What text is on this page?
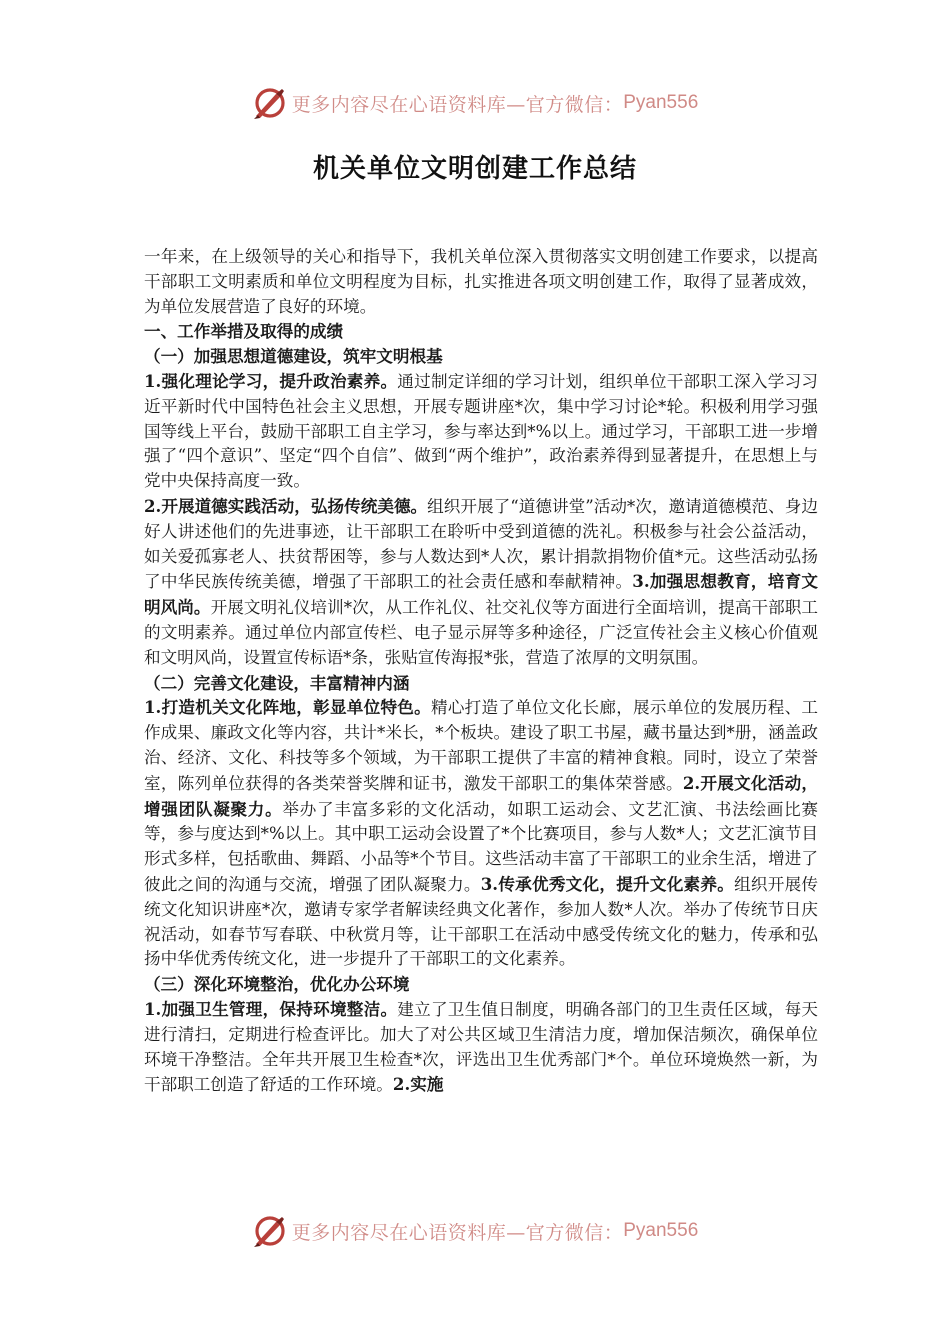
更多内容尽在心语资料库—官方微信： Pyan556
机关单位文明创建工作总结

一年来，在上级领导的关心和指导下，我机关单位深入贯彻落实文明创建工作要求，以提高干部职工文明素质和单位文明程度为目标，扎实推进各项文明创建工作，取得了显著成效，为单位发展营造了良好的环境。

一、工作举措及取得的成绩

（一）加强思想道德建设，筑牢文明根基

1.强化理论学习，提升政治素养。通过制定详细的学习计划，组织单位干部职工深入学习习近平新时代中国特色社会主义思想，开展专题讲座*次，集中学习讨论*轮。积极利用学习强国等线上平台，鼓励干部职工自主学习，参与率达到*%以上。通过学习，干部职工进一步增强了“四个意识”、坚定“四个自信”、做到“两个维护”，政治素养得到显著提升，在思想上与党中央保持高度一致。

2.开展道德实践活动，弘扬传统美德。组织开展了“道德讲堂”活动*次，邀请道德模范、身边好人讲述他们的先进事迹，让干部职工在聆听中受到道德的洗礼。积极参与社会公益活动，如关爱孤寡老人、扶贫帮困等，参与人数达到*人次，累计捐款捐物价值*元。这些活动弘扬了中华民族传统美德，增强了干部职工的社会责任感和奉献精神。3.加强思想教育，培育文明风尚。开展文明礼仪培训*次，从工作礼仪、社交礼仪等方面进行全面培训，提高干部职工的文明素养。通过单位内部宣传栏、电子显示屏等多种途径，广泛宣传社会主义核心价值观和文明风尚，设置宣传标语*条，张贴宣传海报*张，营造了浓厚的文明氛围。

（二）完善文化建设，丰富精神内涵

1.打造机关文化阵地，彰显单位特色。精心打造了单位文化长廊，展示单位的发展历程、工作成果、廉政文化等内容，共计*米长，*个板块。建设了职工书屋，藏书量达到*册，涵盖政治、经济、文化、科技等多个领域，为干部职工提供了丰富的精神食粮。同时，设立了荣誉室，陈列单位获得的各类荣誉奖牌和证书，激发干部职工的集体荣誉感。2.开展文化活动，增强团队凝聚力。举办了丰富多彩的文化活动，如职工运动会、文艺汇演、书法绘画比赛等，参与度达到*%以上。其中职工运动会设置了*个比赛项目，参与人数*人；文艺汇演节目形式多样，包括歌曲、舞蹈、小品等*个节目。这些活动丰富了干部职工的业余生活，增进了彼此之间的沟通与交流，增强了团队凝聚力。3.传承优秀文化，提升文化素养。组织开展传统文化知识讲座*次，邀请专家学者解读经典文化著作，参加人数*人次。举办了传统节日庆祝活动，如春节写春联、中秋赏月等，让干部职工在活动中感受传统文化的魅力，传承和弘扬中华优秀传统文化，进一步提升了干部职工的文化素养。

（三）深化环境整治，优化办公环境

1.加强卫生管理，保持环境整洁。建立了卫生值日制度，明确各部门的卫生责任区域，每天进行清扫，定期进行检查评比。加大了对公共区域卫生清洁力度，增加保洁频次，确保单位环境干净整洁。全年共开展卫生检查*次，评选出卫生优秀部门*个。单位环境焕然一新，为干部职工创造了舒适的工作环境。2.实施

更多内容尽在心语资料库—官方微信： Pyan556
